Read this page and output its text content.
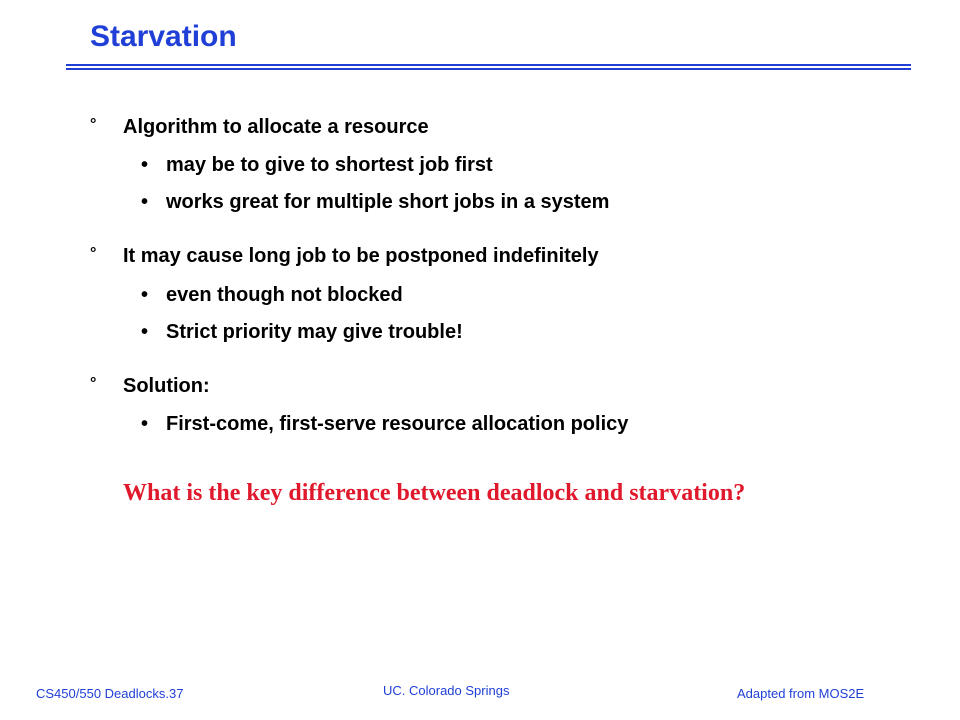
Starvation
° Algorithm to allocate a resource
• may be to give to shortest job first
• works great for multiple short jobs in a system
° It may cause long job to be postponed indefinitely
• even though not blocked
• Strict priority may give trouble!
° Solution:
• First-come, first-serve resource allocation policy
What is the key difference between deadlock and starvation?
CS450/550 Deadlocks.37	UC. Colorado Springs	Adapted from MOS2E
